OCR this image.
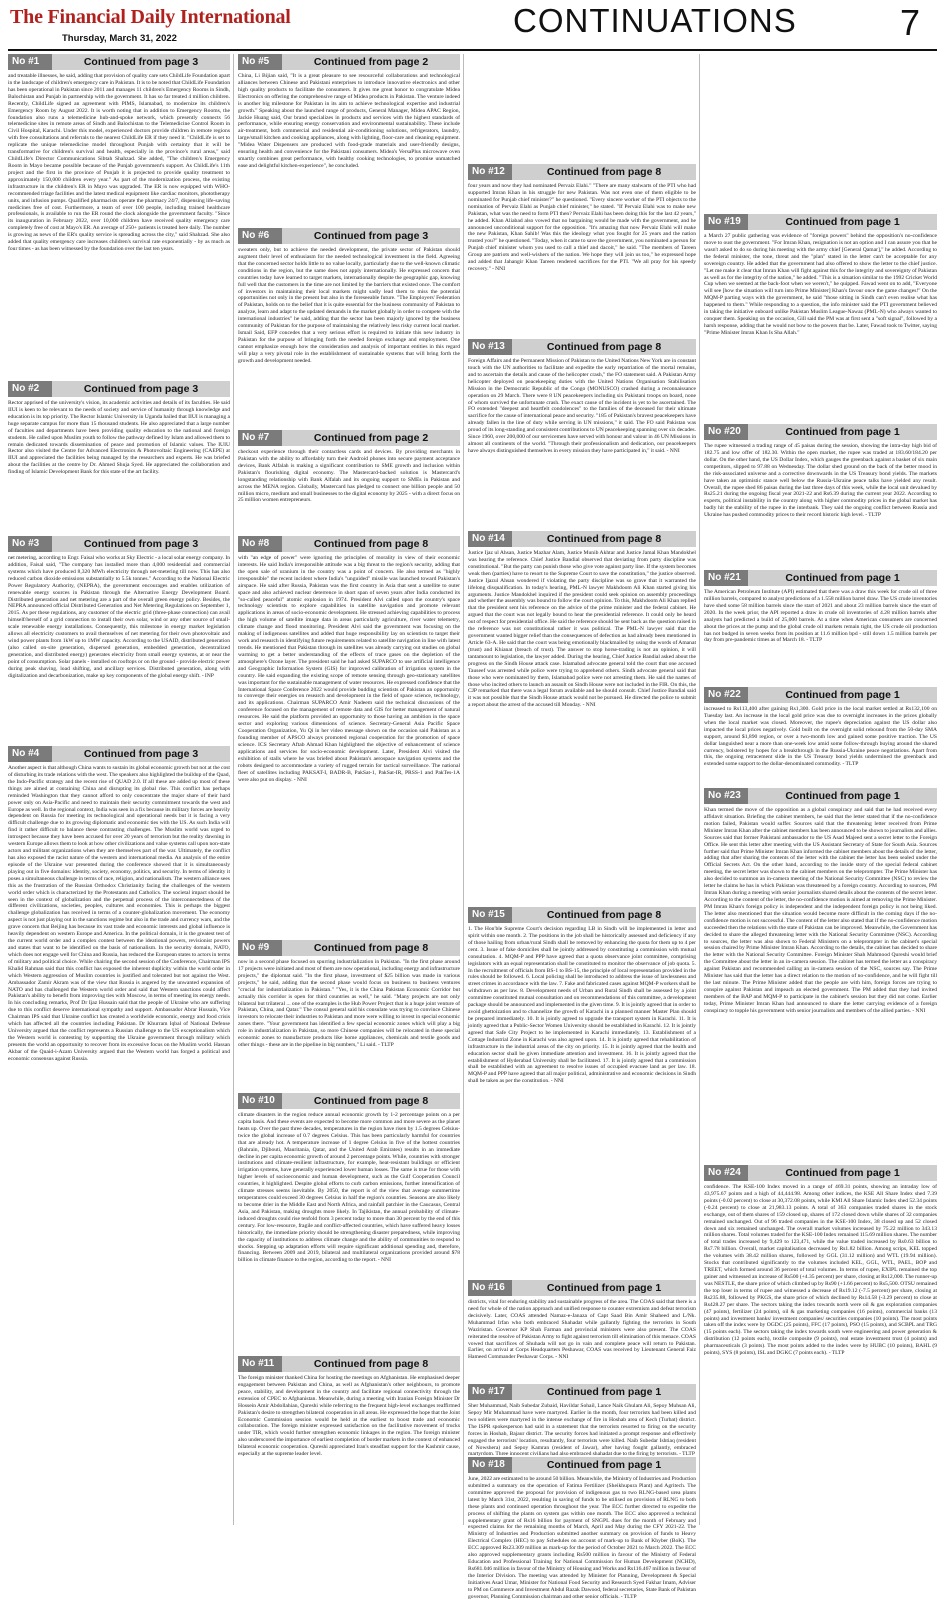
The Financial Daily International
Thursday, March 31, 2022	CONTINUATIONS	7
No #1	Continued from page 3
and treatable illnesses, he said, adding that provision of quality care sets ChildLife Foundation apart in the landscape of children's emergency care in Pakistan. It is to be noted that ChildLife Foundation has been operational in Pakistan since 2011 and manages 11 children's Emergency Rooms in Sindh, Balochistan and Punjab in partnership with the government. It has so far treated 4 million children. Recently, ChildLife signed an agreement with PIMS, Islamabad, to modernize its children's Emergency Room by August 2022. It is worth noting that in addition to Emergency Rooms, the foundation also runs a telemedicine hub-and-spoke network, which presently connects 56 telemedicine sites in remote areas of Sindh and Balochistan to the Telemedicine Control Room in Civil Hospital, Karachi. Under this model, experienced doctors provide children in remote regions with free consultations and referrals to the nearest ChildLife ER if they need it. "ChildLife is set to replicate the unique telemedicine model throughout Punjab with certainty that it will be transformative for children's survival and health, especially in the province's rural areas," said ChildLife's Director Communications Sibtah Shahzad. She added, "The children's Emergency Room in Mayo became possible because of the Punjab government's support. As ChildLife's 11th project and the first in the province of Punjab it is projected to provide quality treatment to approximately 150,000 children every year." As part of the modernization process, the existing infrastructure in the children's ER in Mayo was upgraded. The ER is now equipped with WHO-recommended triage facilities and the latest medical equipment like cardiac monitors, phototherapy units, and infusion pumps. Qualified pharmacists operate the pharmacy 24/7, dispensing life-saving medicines free of cost. Furthermore, a team of over 100 people, including trained healthcare professionals, is available to run the ER round the clock alongside the government faculty. "Since its inauguration in February 2022, over 10,000 children have received quality emergency care completely free of cost at Mayo's ER. An average of 250+ patients is treated here daily. The number is growing as news of the ER's quality service is spreading across the city," said Shahzad. She also added that quality emergency care increases children's survival rate exponentially - by as much as four times - as has been witnessed by the foundation over the last ten years.
No #2	Continued from page 3
Rector apprised of the university's vision, its academic activities and details of its faculties. He said IIUI is keen to be relevant to the needs of society and service of humanity through knowledge and education is its top priority. The Rector Islamic University in Uganda hailed that IIUI is managing a huge separate campus for more than 15 thousand students. He also appreciated that a large number of faculties and departments have been providing quality education to the national and foreign students. He called upon Muslim youth to follow the pathway defined by Islam and allowed them to remain dedicated towards dissemination of peace and promotion of Islamic values. The IUIU Rector also visited the Centre for Advanced Electronics & Photovoltaic Engineering (CAEPE) at IIUI and appreciated the facilities being managed by the researchers and experts. He was briefed about the facilities at the centre by Dr. Ahmed Shuja Syed. He appreciated the collaboration and finding of Islamic Development Bank for this state of the art facility.
No #3	Continued from page 3
net metering, according to Engr. Faisal who works at Sky Electric - a local solar energy company. In addition, Faisal said, "The company has installed more than 4,000 residential and commercial systems which have produced 8,320 MWh electricity through net-metering till now. This has also reduced carbon dioxide emissions substantially to 5.5k tonnes." According to the National Electric Power Regulatory Authority, (NEPRA), the government encourages and enables utilization of renewable energy sources in Pakistan through the Alternative Energy Development Board. Distributed generation and net metering are a part of the overall green energy policy. Besides, the NEPRA announced official Distributed Generation and Net Metering Regulations on September 1, 2015. As per these regulations, any customer of the electric grid (three-phase connection) can avail himself/herself of a grid connection to install their own solar, wind or any other source of small-scale renewable energy installations. Consequently, this milestone in energy market legislation allows all electricity customers to avail themselves of net metering for their own photovoltaic and wind power plants from 1kW up to 1MW capacity. According to the USAID, distributed generation (also called on-site generation, dispersed generation, embedded generation, decentralized generation, and distributed energy) generates electricity from small energy systems, at or near the point of consumption. Solar panels - installed on rooftops or on the ground - provide electric power during peak shaving, load shifting, and ancillary services. Distributed generation, along with digitalization and decarbonization, make up key components of the global energy shift. - INP
No #4	Continued from page 3
Another aspect is that although China wants to sustain its global economic growth but not at the cost of disturbing its trade relations with the west. The speakers also highlighted the buildup of the Quad, the Indo-Pacific strategy and the recent rise of QUAD 2.0. If all these are added up most of these things are aimed at containing China and disrupting its global rise. This conflict has perhaps reminded Washington that they cannot afford to only concentrate the major share of their hard power only on Asia-Pacific and need to maintain their security commitment towards the west and Europe as well. In the regional context, India was seen in a fix because its military forces are heavily dependent on Russia for meeting its technological and operational needs but it is facing a very difficult challenge due to its growing diplomatic and economic ties with the US. As such India will find it rather difficult to balance these contrasting challenges. The Muslim world was urged to introspect because they have been accused for over 20 years of terrorism but the reality dawning in western Europe allows them to look at how other civilizations and value systems call upon non-state actors and militant organizations when they are themselves part of the war. Ultimately, the conflict has also exposed the racist nature of the western and international media. An analysis of the entire episode of the Ukraine war presented during the conference showed that it is simultaneously playing out in five domains: identity, society, economy, politics, and security. In terms of identity it poses a simultaneous challenge in terms of race, religion, and nationalism. The western alliance sees this as the frustration of the Russian Orthodox Christianity facing the challenges of the western world order which is characterized by the Protestants and Catholics. The societal impact should be seen in the context of globalization and the perpetual process of the interconnectedness of the different civilizations, societies, peoples, cultures and economies. This is perhaps the biggest challenge globalization has received in terms of a counter-globalization movement. The economy aspect is not just playing out in the sanctions regime but also in the trade and currency wars, and the grave concern that Beijing has because its vast trade and economic interests and global influence is heavily dependent on western Europe and America. In the political domain, it is the greatest test of the current world order and a complex contest between the ideational powers, revisionist powers and states that want to be identified on the basis of nationalism. In the security domain, NATO, which does not engage well for China and Russia, has reduced the European states to actors in terms of military and political choice. While chairing the second session of the Conference, Chairman IPS Khalid Rahman said that this conflict has exposed the inherent duplicity within the world order in which Western aggression of Muslim countries is justified and tolerated but not against the West. Ambassador Zamir Akram was of the view that Russia is angered by the unwanted expansion of NATO and has challenged the Western world order and said that Western sanctions could affect Pakistan's ability to benefit from improving ties with Moscow, in terms of meeting its energy needs. In his concluding remarks, Prof Dr Ijaz Hussain said that the people of Ukraine who are suffering due to this conflict deserve international sympathy and support. Ambassador Abrar Hussain, Vice Chairman IPS said that Ukraine conflict has created a worldwide economic, energy and food crisis which has affected all the countries including Pakistan. Dr Khurram Iqbal of National Defense University argued that the conflict represents a Russian challenge to the US exceptionalism which the Western world is contesting by supporting the Ukraine government through military which presents the world an opportunity to recover from its excessive focus on the Muslim world. Hassan Akbar of the Quaid-i-Azam University argued that the Western world has forged a political and economic consensus against Russia.
No #5	Continued from page 2
China, Li Bijian said, "It is a great pleasure to see resourceful collaborations and technological alliances between Chinese and Pakistani enterprises to introduce innovative electronics and other high quality products to facilitate the consumers. It gives me great honor to congratulate Midea Electronics on offering the comprehensive range of Midea products in Pakistan. The venture indeed is another big milestone for Pakistan in its aim to achieve technological expertise and industrial growth." Speaking about the launched range of products, General Manager, Midea APAC Region, Jackie Huang said, Our brand specializes in products and services with the highest standards of performance, while ensuring energy conservation and environmental sustainability. These include air-treatment, both commercial and residential air-conditioning solutions, refrigerators, laundry, large/small kitchen and cooking appliances, along with lighting, floor-care and cleaning equipment. "Midea Water Dispensers are produced with food-grade materials and user-friendly designs, ensuring health and convenience for the Pakistani consumers. Midea's VersaPlus microwave oven smartly combines great performance, with healthy cooking technologies, to promise unmatched ease and delightful kitchen-experience", he concluded.
No #6	Continued from page 3
sweaters only, but to achieve the needed development, the private sector of Pakistan should augment their level of enthusiasm for the needed technological investment in the field. Agreeing that the concerned sector holds little to no value locally, particularly due to the well-known climatic conditions in the region, but the same does not apply internationally. He expressed concern that countries today have learned to target markets, internationally despite the geographic gap, knowing full well that the customers in the time are not limited by the barriers that existed once. The comfort of investors in maintaining their local markets might sadly lead them to miss the potential opportunities not only in the present but also in the foreseeable future. "The Employers' Federation of Pakistan, holds on to the belief that it is quite essential for the business community of Pakistan to analyze, learn and adapt to the updated demands in the market globally in order to compete with the international industries" he said, adding that the sector has been majorly ignored by the business community of Pakistan for the purpose of maintaining the relatively less risky current local market. Ismail Said, EFP concedes that a very serious effort is required to initiate this new industry in Pakistan for the purpose of bringing forth the needed foreign exchange and employment. One cannot emphasize enough how the consideration and analysis of important entities in this regard will play a very pivotal role in the establishment of sustainable systems that will bring forth the growth and development needed.
No #7	Continued from page 2
checkout experience through their contactless cards and devices. By providing merchants in Pakistan with the ability to affordably turn their Android phones into secure payment acceptance devices, Bank Alfalah is making a significant contribution to SME growth and inclusion within Pakistan's flourishing digital economy. The Mastercard-backed solution is Mastercard's longstanding relationship with Bank Alfalah and its ongoing support to SMEs in Pakistan and across the MENA region. Globally, Mastercard has pledged to connect one billion people and 50 million micro, medium and small businesses to the digital economy by 2025 - with a direct focus on 25 million women entrepreneurs.
No #8	Continued from page 8
with "an edge of power" were ignoring the principles of morality in view of their economic interests. He said India's irresponsible attitude was a big threat to the region's security, adding that the open sale of uranium in the country was a point of concern. He also termed as "highly irresponsible" the recent incident where India's "unguided" missile was launched toward Pakistan's airspace. He said after Russia, Pakistan was the first country in Asia that sent a satellite to outer space and also achieved nuclear deterrence in short span of seven years after India conducted its "so-called peaceful" atomic explosion in 1974. President Alvi called upon the country's space technology scientists to explore capabilities in satellite navigation and promote relevant applications in areas of socio-economic development. He stressed achieving capabilities to process the high volume of satellite image data in areas particularly agriculture, river water telemetry, climate change and flood monitoring. President Alvi said the government was focusing on the making of indigenous satellites and added that huge responsibility lay on scientists to target their work and research in identifying future requirements related to satellite navigation in line with latest trends. He mentioned that Pakistan through its satellites was already carrying out studies on global warming to get a better understanding of the effects of trace gases on the depletion of the atmosphere's Ozone layer. The president said he had asked SUPARCO to use artificial intelligence and Geographic Information System (GIS) for improved calibration of irrigation system in the country. He said expanding the existing scope of remote sensing through geo-stationary satellites was important for the sustainable management of water resources. He expressed confidence that the International Space Conference 2022 would provide budding scientists of Pakistan an opportunity to converge their energies on research and development in the field of space science, technology, and its applications. Chairman SUPARCO Amir Nadeem said the technical discussions of the conference focused on the management of remote data and GIS for better management of natural resources. He said the platform provided an opportunity to those having an ambition in the space sector and exploring various dimensions of science. Secretary-General Asia Pacific Space Cooperation Organization, Yu Qi in her video message shown on the occasion said Pakistan as a founding member of APSCO always promoted regional cooperation for the promotion of space science. ICS Secretary Aftab Ahmad Khan highlighted the objective of enhancement of science applications and services for socio-economic development. Later, President Alvi visited the exhibition of stalls where he was briefed about Pakistan's aerospace navigation systems and the robots designed to accommodate a variety of rugged terrain for tactical surveillance. The national fleet of satellites including PAKSAT-I, BADR-B, PakSat-1, PakSat-IR, PRSS-1 and PakTes-1A were also put on display. - NNI
No #9	Continued from page 8
now in a second phase focused on spurring industrialization in Pakistan. "In the first phase around 17 projects were initiated and most of them are now operational, including energy and infrastructure projects," the diplomat said. "In the first phase, investment of $25 billion was made in various projects," he said, adding that the second phase would focus on business to business ventures "crucial for industrialization in Pakistan." "Yes, it is the China Pakistan Economic Corridor but actually this corridor is open for third countries as well," he said. "Many projects are not only bilateral but trilateral ... one of the examples is the Hub Power Project that is a huge joint venture of Pakistan, China, and Qatar." The consul general said his consulate was trying to convince Chinese investors to relocate their industries to Pakistan and more were willing to invest in special economic zones there. "Your government has identified a few special economic zones which will play a big role in industrialization in Pakistan, so more Chinese companies will be relocated in these special economic zones to manufacture products like home appliances, chemicals and textile goods and other things - these are in the pipeline in big numbers," Li said. - TLTP
No #10	Continued from page 8
climate disasters in the region reduce annual economic growth by 1-2 percentage points on a per capita basis. And these events are expected to become more common and more severe as the planet heats up. Over the past three decades, temperatures in the region have risen by 1.5 degrees Celsius-twice the global increase of 0.7 degrees Celsius. This has been particularly harmful for countries that are already hot. A temperature increase of 1 degree Celsius in five of the hottest countries (Bahrain, Djibouti, Mauritania, Qatar, and the United Arab Emirates) results in an immediate decline in per capita economic growth of around 2 percentage points. While, countries with stronger institutions and climate-resilient infrastructure, for example, heat-resistant buildings or efficient irrigation systems, have generally experienced lower human losses. The same is true for those with higher levels of socioeconomic and human development, such as the Gulf Cooperation Council countries, it highlighted. Despite global efforts to curb carbon emissions, further intensification of climate stresses seems inevitable. By 2050, the report is of the view that average summertime temperatures could exceed 30 degrees Celsius in half the region's countries. Seasons are also likely to become drier in the Middle East and North Africa, and rainfall patchier in the Caucasus, Central Asia, and Pakistan, making droughts more likely. In Tajikistan, the annual probability of climate-induced droughts could rise tenfold from 3 percent today to more than 30 percent by the end of this century. For low-resource, fragile and conflict-affected countries, which have suffered heavy losses historically, the immediate priority should be strengthening disaster preparedness, while improving the capacity of institutions to address climate change and the ability of communities to respond to shocks. Stepping up adaptation efforts will require significant additional spending and, therefore, financing. Between 2009 and 2019, bilateral and multilateral organizations provided around $78 billion in climate finance to the region, according to the report. - NNI
No #11	Continued from page 8
The foreign minister thanked China for hosting the meetings on Afghanistan. He emphasised deeper engagement between Pakistan and China, as well as Afghanistan's other neighbours, to promote peace, stability, and development in the country and facilitate regional connectivity through the extension of CPEC to Afghanistan. Meanwhile, during a meeting with Iranian Foreign Minister Dr Hossein Amir Abdollahian, Qureshi while referring to the frequent high-level exchanges reaffirmed Pakistan's desire to strengthen bilateral cooperation in all areas. He expressed the hope that the Joint Economic Commission session would be held at the earliest to boost trade and economic collaboration. The foreign minister expressed satisfaction on the facilitative movement of trucks under TIR, which would further strengthen economic linkages in the region. The foreign minister also underscored the importance of earliest completion of border markets in the context of enhanced bilateral economic cooperation. Qureshi appreciated Iran's steadfast support for the Kashmir cause, especially at the supreme leader level.
No #12	Continued from page 8
four years and now they had nominated Pervaiz Elahi." "There are many stalwarts of the PTI who had supported Imran Khan in his struggle for new Pakistan. Was not even one of them eligible to be nominated for Punjab chief minister?" he questioned. "Every sincere worker of the PTI objects to the nomination of Pervaiz Elahi as Punjab chief minister," he stated. "If Pervaiz Elahi was to make new Pakistan, what was the need to form PTI then? Pervaiz Elahi has been doing this for the last 42 years," he added. Khan Aliabad also vowed that no bargaining would be made with the government, and he announced unconditional support for the opposition. "It's amazing that now Pervaiz Elahi will make the new Pakistan, Khan Sahib! Was this the ideology what you fought for 25 years and the nation trusted you?" he questioned. "Today, when it came to save the government, you nominated a person for Punjab chief minister whom you used to call a thief and dacoit," he said. "The members of Tareen Group are patriots and well-wishers of the nation. We hope they will join us too," he expressed hope and added that Jahangir Khan Tareen rendered sacrifices for the PTI. "We all pray for his speedy recovery." - NNI
No #13	Continued from page 8
Foreign Affairs and the Permanent Mission of Pakistan to the United Nations New York are in constant touch with the UN authorities to facilitate and expedite the early repatriation of the mortal remains, and to ascertain the details and cause of the helicopter crash," the FO statement said. A Pakistan Army helicopter deployed on peacekeeping duties with the United Nations Organisation Stabilisation Mission in the Democratic Republic of the Congo (MONUSCO) crashed during a reconnaissance operation on 29 March. There were 8 UN peacekeepers including six Pakistani troops on board, none of whom survived the unfortunate crash. The exact cause of the incident is yet to be ascertained. The FO extended "deepest and heartfelt condolences" to the families of the deceased for their ultimate sacrifice for the cause of international peace and security. "185 of Pakistan's bravest peacekeepers have already fallen in the line of duty while serving in UN missions," it said. The FO said Pakistan was proud of its long-standing and consistent contributions to UN peacekeeping spanning over six decades. Since 1960, over 200,000 of our servicemen have served with honour and valour in 46 UN Missions in almost all continents of the world. "Through their professionalism and dedication, our peacekeepers have always distinguished themselves in every mission they have participated in," it said. - NNI
No #14	Continued from page 8
Justice Ijaz ul Ahsan, Justice Mazhar Alam, Justice Munib Akhtar and Justice Jamal Khan Mandokhel was hearing the reference. Chief Justice Bandial observed that deviating from party discipline was constitutional. "But the party can punish those who give vote against party line. If the system becomes weak then (parties) have to resort to the Supreme Court to save the constitution," the justice observed. Justice Ijazul Ahsan wondered if violating the party discipline was so grave that it warranted the lifelong disqualification. In today's hearing, PML-N lawyer Makhdoom Ali Khan started giving his arguments. Justice Mandokhel inquired if the president could seek opinion on assembly proceedings and whether the assembly was bound to follow the court opinion. To this, Makhdoom Ali Khan replied that the president sent his reference on the advice of the prime minister and the federal cabinet. He argued that the court was not legally bound to hear the presidential reference. It could only be heard out of respect for presidential office. He said the reference should be sent back as the question raised in the reference was not constitutional rather it was political. The PML-N lawyer said that the government wanted bigger relief than the consequences of defection as had already been mentioned in Article 63-A. He said that the court was being emotionally blackmailed by using the words of Amanat (trust) and Khianat (breach of trust). The answer to stop horse-trading is not an opinion, it will tantamount to legislation, the lawyer added. During the hearing, Chief Justice Bandial asked about the progress on the Sindh House attack case. Islamabad advocate general told the court that one accused Tauseef was arrested while police were trying to apprehend others. Sindh advocate general said that those who were nominated by them, Islamabad police were not arresting them. He said the names of those who incited others to launch an assault on Sindh House were not included in the FIR. On this, the CJP remarked that there was a legal forum available and he should consult. Chief Justice Bandial said it was not possible that the Sindh House attack would not be pursued. He directed the police to submit a report about the arrest of the accused till Monday. - NNI
No #15	Continued from page 8
1. The Hon'ble Supreme Court's decision regarding LB in Sindh will be implemented in letter and spirit within one month. 2. The positions in the job shall be historically assessed and deficiency if any of those hailing from urban/rural Sindh shall be removed by enhancing the quota for them up to 4 per cent. 3. Issue of fake domiciles shall be jointly addressed by constituting a commission with mutual consultation. 4. MQM-P and PPP have agreed that a quota observance joint committee, comprising legislators with an equal representation shall be constituted to monitor the observance of job quota. 5. In the recruitment of officials from BS-1 to BS-15, the principle of local representation provided in the rules should be followed. 6. Local policing shall be introduced to address the issue of lawlessness and street crimes in accordance with the law. 7. Fake and fabricated cases against MQM-P workers shall be withdrawn as per law. 8. Development needs of Urban and Rural Sindh shall be assessed by a joint committee constituted mutual consultation and on recommendations of this committee, a development package should be announced and implemented in the given time. 9. It is jointly agreed that in order to avoid ghettoization and to channelize the growth of Karachi in a planned manner Master Plan should be prepared immediately. 10. It is jointly agreed to upgrade the transport system in Karachi. 11. It is jointly agreed that a Public-Sector Women University should be established in Karachi. 12. It is jointly agreed that Safe City Project to be implemented in Karachi immediately. 13. Establishment of a Cottage Industrial Zone in Karachi was also agreed upon. 14. It is jointly agreed that rehabilitation of infrastructure in the industrial areas of the city on priority. 15. It is jointly agreed that the health and education sector shall be given immediate attention and investment. 16. It is jointly agreed that the establishment of Hyderabad University shall be facilitated. 17. It is jointly agreed that a commission shall be established with an agreement to resolve issues of occupied evacuee land as per law. 18. MQM-P and PPP have agreed that all major political, administrative and economic decisions in Sindh shall be taken as per the constitution. - NNI
No #16	Continued from page 1
districts, vital for enduring stability and sustainable progress of the area. The COAS said that there is a need for whole of the nation approach and unified response to counter extremism and defeat terrorism decisively. Later, COAS attended Namaz-e-Janaza of Capt Saad Bin Amir Shaheed and L/Nk. Muhammad Irfan who both embraced Shahadat while gallantly fighting the terrorists in South Waziristan. Governor KP Shah Farman and provincial ministers were also present. The COAS reiterated the resolve of Pakistan Army to fight against terrorism till elimination of this menace. COAS vowed that sacrifices of Shuhada will not go in vain and complete peace will return to Pakistan. Earlier, on arrival at Corps Headquarters Peshawar, COAS was received by Lieutenant General Faiz Hameed Commander Peshawar Corps. - NNI
No #17	Continued from page 1
Sher Muhammad, Naib Subedar Zubaid, Havildar Sohail, Lance Naik Ghulam Ali, Sepoy Muhsan Ali, Sepoy Mir Muhammad have were martyred. Earlier in the month, four terrorists had been killed and two soldiers were martyred in the intense exchange of fire in Hoshab area of Kech (Turbat) district. The ISPR spokesperson had said in a statement that the terrorists resorted to firing on the security forces in Hoshab, Bajaur district. The security forces had initiated a prompt response and effectively engaged the terrorists' location, resultantly, four terrorists were killed. Naib Subedar Ishtiaq (resident of Nowshera) and Sepoy Kamran (resident of Jawar), after having fought gallantly, embraced martyrdom. Three innocent civilians had also embraced shahadat due to the firing by terrorists. - TLTP
No #18	Continued from page 1
June, 2022 are estimated to be around 50 billion. Meanwhile, the Ministry of Industries and Production submitted a summary on the operation of Fatima Fertilizer (Sheikhupura Plant) and Agritech. The committee approved the proposal for provision of indigenous gas to two RLNG-based urea plants latest by March 31st, 2022, resulting in saving of funds to be utilised on provision of RLNG to both these plants and continued operation throughout the year. The ECC further directed to expedite the process of shifting the plants on system gas within one month. The ECC also approved a technical supplementary grant of Rs16 billion for payment of SNGPL dues for the month of February and expected claims for the remaining months of March, April and May during the CFY 2021-22. The Ministry of Industries and Production submitted another summary on provision of funds to Heavy Electrical Complex (HEC) to pay Schedules on account of mark-up to Bank of Khyber (BoK). The ECC approved Rs23.309 million as mark-up for the period of October 2021 to March 2022. The ECC also approved supplementary grants including Rs500 million in favour of the Ministry of Federal Education and Professional Training for National Commission for Human Development (NCHD), Rs681.046 million in favour of the Ministry of Housing and Works and Rs116.467 million in favour of the Interior Division. The meeting was attended by Minister for Planning, Development & Special Initiatives Asad Umar, Minister for National Food Security and Research Syed Fakhar Imam, Adviser to PM on Commerce and Investment Abdul Razak Dawood, federal secretaries, State Bank of Pakistan governor, Planning Commission chairman and other senior officials. - TLTP
No #19	Continued from page 1
a March 27 public gathering was evidence of "foreign powers" behind the opposition's no-confidence move to oust the government. "For Imran Khan, resignation is not an option and I can assure you that he wasn't asked to do so during his meeting with the army chief [General Qamar]," he added. According to the federal minister, the tone, threat and the "plan" stated in the letter can't be acceptable for any sovereign country. He added that the government had also offered to show the letter to the chief justice. "Let me make it clear that Imran Khan will fight against this for the integrity and sovereignty of Pakistan as well as for the integrity of the nation," he added. "This is a situation similar to the 1992 Cricket World Cup when we seemed at the back-foot when we weren't," he quipped. Fawad went on to add, "Everyone will see [how the situation will turn into Prime Minister] Khan's favour once the game changes!" On the MQM-P parting ways with the government, he said "those sitting in Sindh can't even realise what has happened to them." While responding to a question, the info minister said the PTI government believed in taking the initiative onboard unlike Pakistan Muslim League-Nawaz (PML-N) who always wanted to conquer them. Speaking on the occasion, Gill said the PM was at first sent a "soft signal", followed by a harsh response, adding that he would not bow to the powers that be. Later, Fawad took to Twitter, saying "Prime Minister Imran Khan Is Sha Allah."
No #20	Continued from page 1
The rupee witnessed a trading range of 45 paisas during the session, showing the intra-day high bid of 182.75 and low offer of 182.30. Within the open market, the rupee was traded at 183.60/184.20 per dollar. On the other hand, the US Dollar Index, which gauges the greenback against a basket of six main competitors, slipped to 97.88 on Wednesday. The dollar shed ground on the back of the better mood in the risk-associated universe and a corrective downwards in the US Treasury bond yields. The markets have taken an optimistic stance well below the Russia-Ukraine peace talks have yielded any result. Overall, the rupee shed 86 paisas during the last three days of this week, while the local unit devalued by Rs25.21 during the ongoing fiscal year 2021-22 and Rs6.39 during the current year 2022. According to experts, political instability in the country along with higher commodity prices in the global market has badly hit the stability of the rupee in the interbank. They said the ongoing conflict between Russia and Ukraine has pushed commodity prices to their record historic high level. - TLTP
No #21	Continued from page 1
The American Petroleum Institute (API) estimated that there was a draw this week for crude oil of three million barrels, compared to analyst predictions of a 1.558 million barrel draw. The US crude inventories have shed some 58 million barrels since the start of 2021 and about 23 million barrels since the start of 2020. In the week prior, the API reported a draw in crude oil inventories of 4.28 million barrels after analysts had predicted a build of 25,000 barrels. At a time when American consumers are concerned about the prices at the pump and the global crude oil markets remain tight, the US crude oil production has not budged in seven weeks from its position at 11.6 million bpd - still down 1.5 million barrels per day from pre-pandemic times as of March 18. - TLTP
No #22	Continued from page 1
increased to Rs113,400 after gaining Rs1,300. Gold price in the local market settled at Rs132,100 on Tuesday last. An increase in the local gold price was due to overnight increases in the prices globally when the local market was closed. Moreover, the rupee's depreciation against the US dollar also impacted the local prices negatively. Gold built on the overnight solid rebound from the 50-day SMA support, around $1,890 region, or over a two-month low and gained some positive traction. The US dollar languished near a more than one-week low amid some follow-through buying around the shared currency, bolstered by hopes for a breakthrough in the Russia-Ukraine peace negotiations. Apart from this, the ongoing retracement slide in the US Treasury bond yields undermined the greenback and extended some support to the dollar-denominated commodity. - TLTP
No #23	Continued from page 1
Khan termed the move of the opposition as a global conspiracy and said that he had received every affidavit situation. Briefing the cabinet members, he said that the letter stated that if the no-confidence motion failed, Pakistan would suffer. Sources said that the threatening letter received from Prime Minister Imran Khan after the cabinet members has been announced to be shown to journalists and allies. Sources said that former Pakistani ambassador to the US Asad Majeed sent a secret letter to the Foreign Office. He sent this letter after meeting with the US Assistant Secretary of State for South Asia. Sources further said that Prime Minister Imran Khan informed the cabinet members about the details of the letter, adding that after sharing the contents of the letter with the cabinet the letter has been sealed under the Official Secrets Act. On the other hand, according to the inside story of the special federal cabinet meeting, the secret letter was shown to the cabinet members on the teleprompter. The Prime Minister has also decided to summon an in-camera meeting of the National Security Committee (NSC) to review the letter he claims he has in which Pakistan was threatened by a foreign country. According to sources, PM Imran Khan during a meeting with senior journalists shared details about the contents of the secret letter. According to the content of the letter, the no-confidence motion is aimed at removing the Prime Minister. PM Imran Khan's foreign policy is independent and the independent foreign policy is not being liked. The letter also mentioned that the situation would become more difficult in the coming days if the no-confidence motion is not successful. The content of the letter also stated that if the no-confidence motion succeeded then the relations with the state of Pakistan can be improved. Meanwhile, the Government has decided to share the alleged threatening letter with the National Security Committee (NSC). According to sources, the letter was also shown to Federal Ministers on a teleprompter in the cabinet's special session chaired by Prime Minister Imran Khan. According to the details, the cabinet has decided to share the letter with the National Security Committee. Foreign Minister Shah Mahmood Qureshi would brief the Committee about the letter in an in-camera session. The cabinet has termed the letter as a conspiracy against Pakistan and recommended calling an in-camera session of the NSC, sources say. The Prime Minister has said that the letter has a direct relation to the motion of no-confidence, and he will fight till the last minute. The Prime Minister added that the people are with him, foreign forces are trying to conspire against Pakistan and impeach an elected government. The PM added that they had invited members of the BAP and MQM-P to participate in the cabinet's session but they did not come. Earlier today, Prime Minister Imran Khan had announced to share the letter carrying evidence of a foreign conspiracy to topple his government with senior journalists and members of the allied parties. - NNI
No #24	Continued from page 1
confidence. The KSE-100 Index moved in a range of 469.31 points, showing an intraday low of 43,975.67 points and a high of 44,444.98. Among other indices, the KSE All Share Index shed 7.39 points (-0.02 percent) to close at 30,372.08 points, while KMI All Share Islamic Index shed 52.34 points (-0.24 percent) to close at 21,983.13 points. A total of 363 companies traded shares in the stock exchange, out of them shares of 159 closed up, shares of 172 closed down while shares of 32 companies remained unchanged. Out of 96 traded companies in the KSE-100 Index, 38 closed up and 52 closed down and six remained unchanged. The overall market volumes increased by 75.22 million to 343.13 million shares. Total volumes traded for the KSE-100 Index remained 115.69 million shares. The number of total trades increased by 9,429 to 123,471, while the value traded increased by Rs0.63 billion to Rs7.78 billion. Overall, market capitalisation decreased by Rs1.82 billion. Among scrips, KEL topped the volumes with 38.42 million shares, followed by GGL (31.12 million) and WTL (19.94 million). Stocks that contributed significantly to the volumes included KEL, GGL, WTL, PAEL, BOP and TREET, which formed around 36 percent of total volumes. In terms of rupee, EXIPL remained the top gainer and witnessed an increase of Rs500 (+4.35 percent) per share, closing at Rs12,000. The runner-up was NESTLE, the share price of which climbed up by Rs90 (+1.66 percent) to Rs5,500. OTSU remained the top loser in terms of rupee and witnessed a decrease of Rs19.12 (-7.5 percent) per share, closing at Rs235.88, followed by PKGS, the share price of which declined by Rs14.58 (-3.29 percent) to close at Rs428.27 per share. The sectors taking the index towards north were oil & gas exploration companies (47 points), fertilizer (24 points), oil & gas marketing companies (16 points), commercial banks (13 points) and investment banks/ investment companies/ securities companies (10 points). The most points taken off the index were by OGDC (25 points), FFC (17 points), PSO (15 points), and SCBPL and TRG (15 points each). The sectors taking the index towards south were engineering and power generation & distribution (12 points each), textile composite (9 points), real estate investment trust (4 points) and pharmaceuticals (3 points). The most points added to the index were by HUBC (10 points), BAHL (9 points), SYS (8 points), ISL and DGKC (7 points each). - TLTP
